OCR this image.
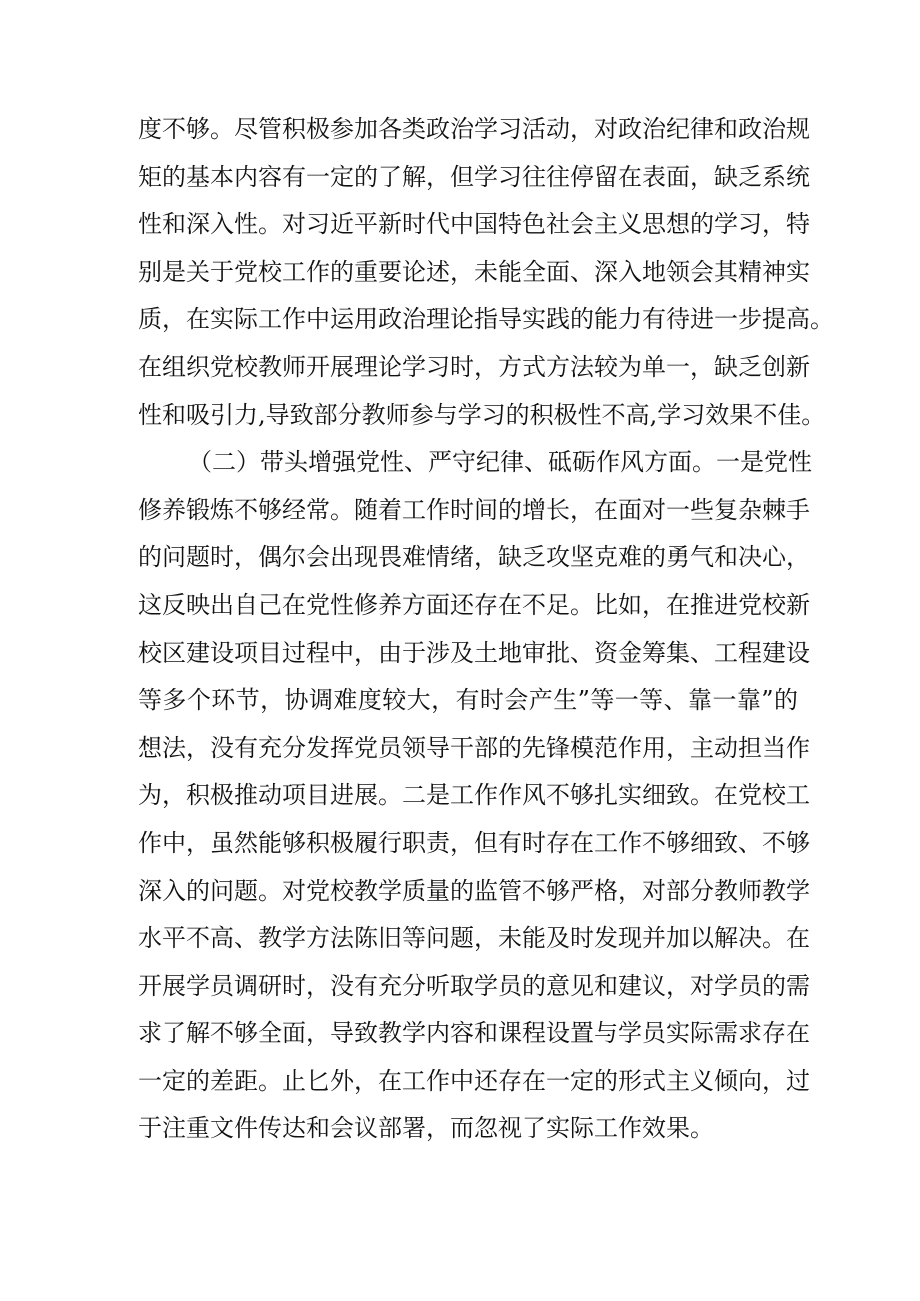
度不够。尽管积极参加各类政治学习活动，对政治纪律和政治规
矩的基本内容有一定的了解，但学习往往停留在表面，缺乏系统
性和深入性。对习近平新时代中国特色社会主义思想的学习，特
别是关于党校工作的重要论述，未能全面、深入地领会其精神实
质，在实际工作中运用政治理论指导实践的能力有待进一步提高。
在组织党校教师开展理论学习时，方式方法较为单一，缺乏创新
性和吸引力,导致部分教师参与学习的积极性不高,学习效果不佳。
（二）带头增强党性、严守纪律、砥砺作风方面。一是党性
修养锻炼不够经常。随着工作时间的增长，在面对一些复杂棘手
的问题时，偶尔会出现畏难情绪，缺乏攻坚克难的勇气和决心，
这反映出自己在党性修养方面还存在不足。比如，在推进党校新
校区建设项目过程中，由于涉及土地审批、资金筹集、工程建设
等多个环节，协调难度较大，有时会产生”等一等、靠一靠”的
想法，没有充分发挥党员领导干部的先锋模范作用，主动担当作
为，积极推动项目进展。二是工作作风不够扎实细致。在党校工
作中，虽然能够积极履行职责，但有时存在工作不够细致、不够
深入的问题。对党校教学质量的监管不够严格，对部分教师教学
水平不高、教学方法陈旧等问题，未能及时发现并加以解决。在
开展学员调研时，没有充分听取学员的意见和建议，对学员的需
求了解不够全面，导致教学内容和课程设置与学员实际需求存在
一定的差距。止匕外，在工作中还存在一定的形式主义倾向，过
于注重文件传达和会议部署，而忽视了实际工作效果。
